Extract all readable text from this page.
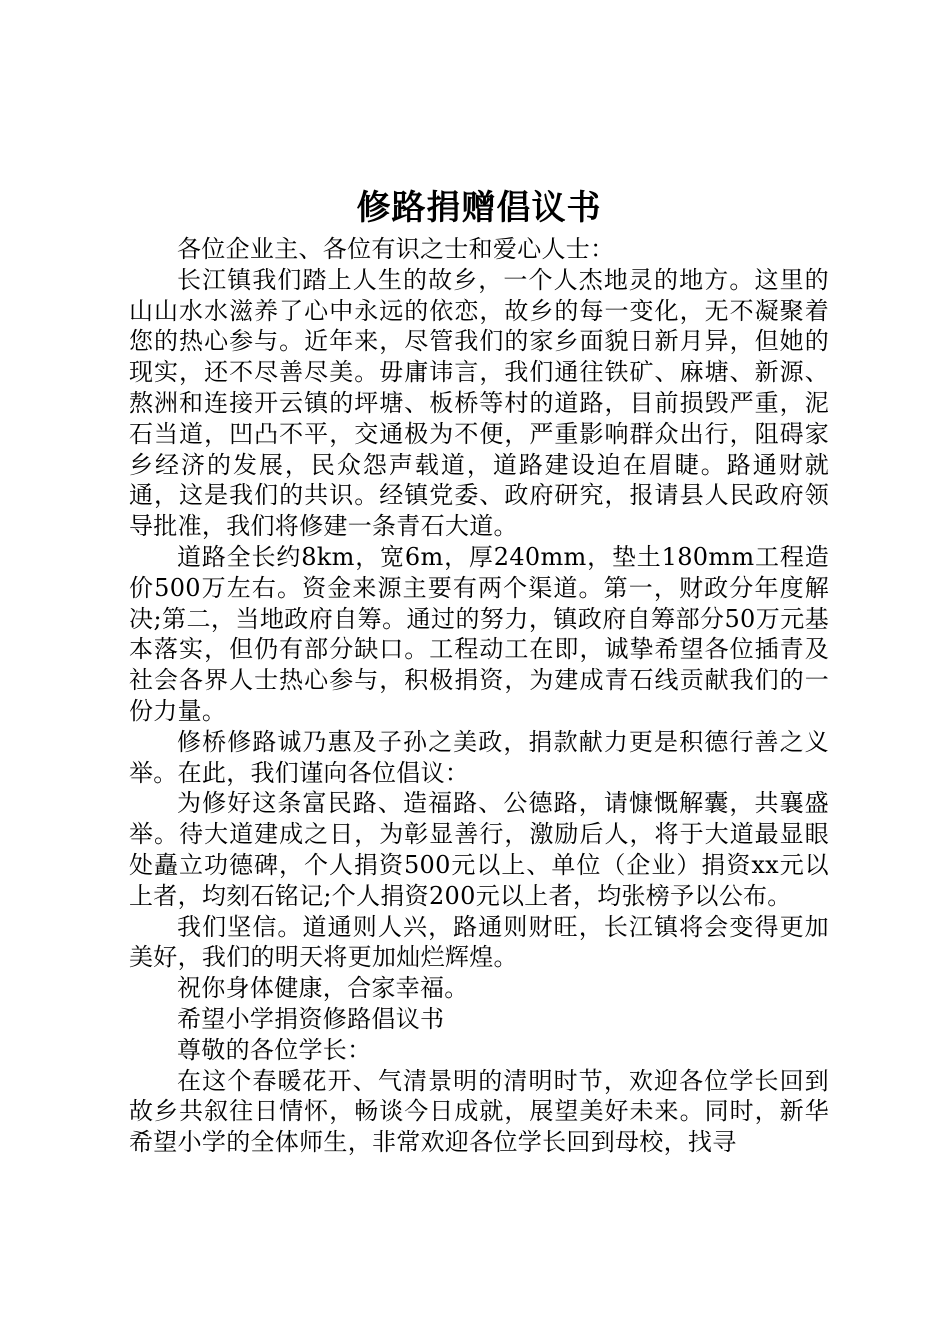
修路捐赠倡议书

各位企业主、各位有识之士和爱心人士：

长江镇我们踏上人生的故乡，一个人杰地灵的地方。这里的山山水水滋养了心中永远的依恋，故乡的每一变化，无不凝聚着您的热心参与。近年来，尽管我们的家乡面貌日新月异，但她的现实，还不尽善尽美。毋庸讳言，我们通往铁矿、麻塘、新源、熬洲和连接开云镇的坪塘、板桥等村的道路，目前损毁严重，泥石当道，凹凸不平，交通极为不便，严重影响群众出行，阻碍家乡经济的发展，民众怨声载道，道路建设迫在眉睫。路通财就通，这是我们的共识。经镇党委、政府研究，报请县人民政府领导批准，我们将修建一条青石大道。

道路全长约8km，宽6m，厚240mm，垫土180mm工程造价500万左右。资金来源主要有两个渠道。第一，财政分年度解决;第二，当地政府自筹。通过的努力，镇政府自筹部分50万元基本落实，但仍有部分缺口。工程动工在即，诚挚希望各位插青及社会各界人士热心参与，积极捐资，为建成青石线贡献我们的一份力量。

修桥修路诚乃惠及子孙之美政，捐款献力更是积德行善之义举。在此，我们谨向各位倡议：

为修好这条富民路、造福路、公德路，请慷慨解囊，共襄盛举。待大道建成之日，为彰显善行，激励后人，将于大道最显眼处矗立功德碑，个人捐资500元以上、单位（企业）捐资xx元以上者，均刻石铭记;个人捐资200元以上者，均张榜予以公布。

我们坚信。道通则人兴，路通则财旺，长江镇将会变得更加美好，我们的明天将更加灿烂辉煌。

祝你身体健康，合家幸福。

希望小学捐资修路倡议书

尊敬的各位学长：

在这个春暖花开、气清景明的清明时节，欢迎各位学长回到故乡共叙往日情怀，畅谈今日成就，展望美好未来。同时，新华希望小学的全体师生，非常欢迎各位学长回到母校，找寻
